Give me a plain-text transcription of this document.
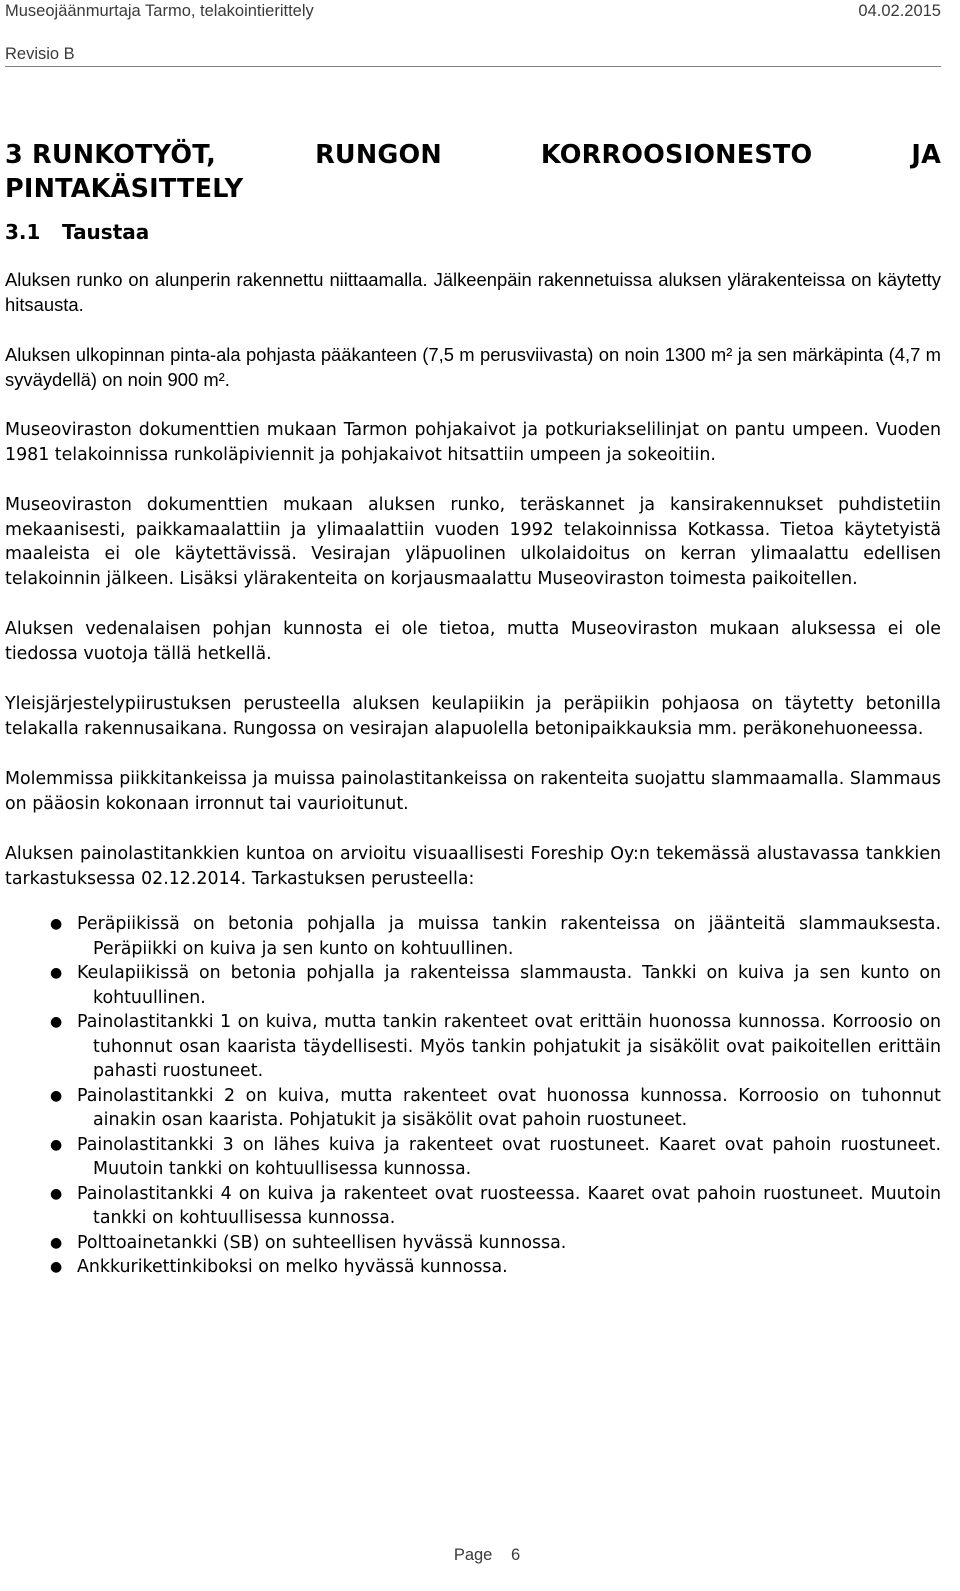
Museojäänmurtaja Tarmo, telakointierittely	04.02.2015
Revisio B
3 RUNKOTYÖT,	RUNGON	KORROOSIONESTO	JA
PINTAKÄSITTELY
3.1 Taustaa

Aluksen runko on alunperin rakennettu niittaamalla. Jälkeenpäin rakennetuissa aluksen ylärakenteissa on käytetty hitsausta.

Aluksen ulkopinnan pinta-ala pohjasta pääkanteen (7,5 m perusviivasta) on noin 1300 m² ja sen märkäpinta (4,7 m syväydellä) on noin 900 m².

Museoviraston dokumenttien mukaan Tarmon pohjakaivot ja potkuriakselilinjat on pantu umpeen. Vuoden 1981 telakoinnissa runkoläpiviennit ja pohjakaivot hitsattiin umpeen ja sokeoitiin.

Museoviraston dokumenttien mukaan aluksen runko, teräskannet ja kansirakennukset puhdistetiin mekaanisesti, paikkamaalattiin ja ylimaalattiin vuoden 1992 telakoinnissa Kotkassa. Tietoa käytetyistä maaleista ei ole käytettävissä. Vesirajan yläpuolinen ulkolaidoitus on kerran ylimaalattu edellisen telakoinnin jälkeen. Lisäksi ylärakenteita on korjausmaalattu Museoviraston toimesta paikoitellen.

Aluksen vedenalaisen pohjan kunnosta ei ole tietoa, mutta Museoviraston mukaan aluksessa ei ole tiedossa vuotoja tällä hetkellä.

Yleisjärjestelypiirustuksen perusteella aluksen keulapiikin ja peräpiikin pohjaosa on täytetty betonilla telakalla rakennusaikana. Rungossa on vesirajan alapuolella betonipaikkauksia mm. peräkonehuoneessa.

Molemmissa piikkitankeissa ja muissa painolastitankeissa on rakenteita suojattu slammaamalla. Slammaus on pääosin kokonaan irronnut tai vaurioitunut.

Aluksen painolastitankkien kuntoa on arvioitu visuaallisesti Foreship Oy:n tekemässä alustavassa tankkien tarkastuksessa 02.12.2014. Tarkastuksen perusteella:

● Peräpiikissä on betonia pohjalla ja muissa tankin rakenteissa on jäänteitä slammauksesta. Peräpiikki on kuiva ja sen kunto on kohtuullinen.
● Keulapiikissä on betonia pohjalla ja rakenteissa slammausta. Tankki on kuiva ja sen kunto on kohtuullinen.
● Painolastitankki 1 on kuiva, mutta tankin rakenteet ovat erittäin huonossa kunnossa. Korroosio on tuhonnut osan kaarista täydellisesti. Myös tankin pohjatukit ja sisäkölit ovat paikoitellen erittäin pahasti ruostuneet.
● Painolastitankki 2 on kuiva, mutta rakenteet ovat huonossa kunnossa. Korroosio on tuhonnut ainakin osan kaarista. Pohjatukit ja sisäkölit ovat pahoin ruostuneet.
● Painolastitankki 3 on lähes kuiva ja rakenteet ovat ruostuneet. Kaaret ovat pahoin ruostuneet. Muutoin tankki on kohtuullisessa kunnossa.
● Painolastitankki 4 on kuiva ja rakenteet ovat ruosteessa. Kaaret ovat pahoin ruostuneet. Muutoin tankki on kohtuullisessa kunnossa.
● Polttoainetankki (SB) on suhteellisen hyvässä kunnossa.
● Ankkurikettinkiboksi on melko hyvässä kunnossa.
Page 6
